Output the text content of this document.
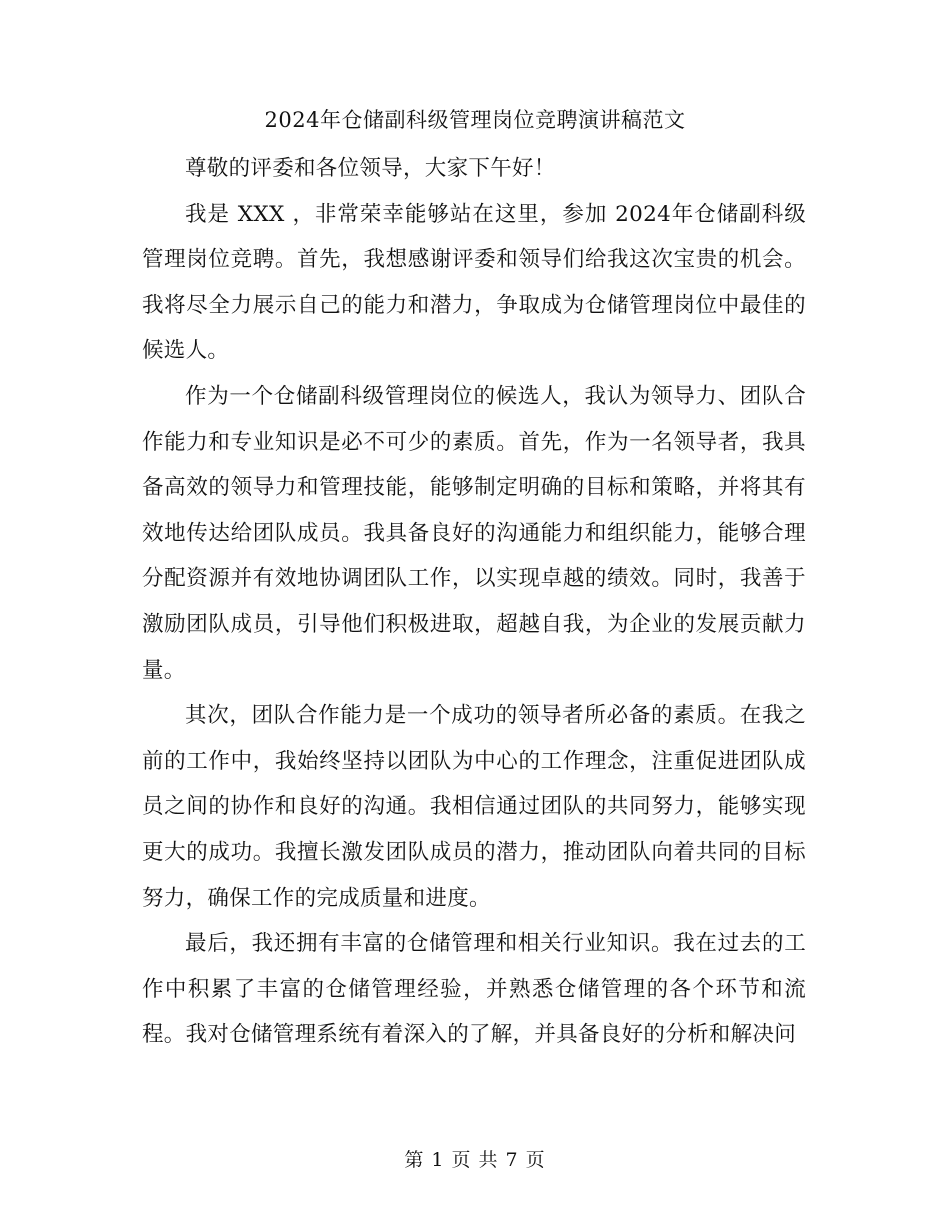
2024年仓储副科级管理岗位竞聘演讲稿范文

尊敬的评委和各位领导，大家下午好！

我是 XXX ，非常荣幸能够站在这里，参加 2024年仓储副科级管理岗位竞聘。首先，我想感谢评委和领导们给我这次宝贵的机会。我将尽全力展示自己的能力和潜力，争取成为仓储管理岗位中最佳的候选人。

作为一个仓储副科级管理岗位的候选人，我认为领导力、团队合作能力和专业知识是必不可少的素质。首先，作为一名领导者，我具备高效的领导力和管理技能，能够制定明确的目标和策略，并将其有效地传达给团队成员。我具备良好的沟通能力和组织能力，能够合理分配资源并有效地协调团队工作，以实现卓越的绩效。同时，我善于激励团队成员，引导他们积极进取，超越自我，为企业的发展贡献力量。

其次，团队合作能力是一个成功的领导者所必备的素质。在我之前的工作中，我始终坚持以团队为中心的工作理念，注重促进团队成员之间的协作和良好的沟通。我相信通过团队的共同努力，能够实现更大的成功。我擅长激发团队成员的潜力，推动团队向着共同的目标努力，确保工作的完成质量和进度。

最后，我还拥有丰富的仓储管理和相关行业知识。我在过去的工作中积累了丰富的仓储管理经验，并熟悉仓储管理的各个环节和流程。我对仓储管理系统有着深入的了解，并具备良好的分析和解决问

第 1 页 共 7 页
